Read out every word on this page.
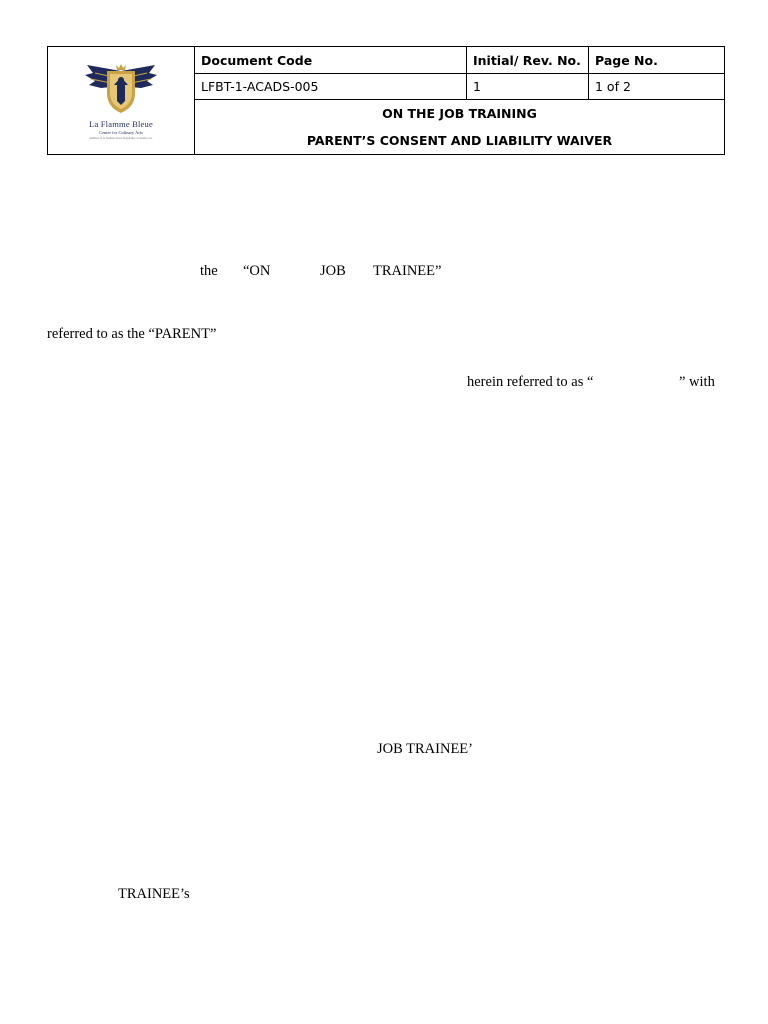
La Flamme Bleue
Center for Culinary Arts
member of la flamme bleue hospitality academy, inc.	Document Code	Initial/ Rev. No.	Page No.
	LFBT-1-ACADS-005	1	1 of 2

	ON THE JOB TRAINING
PARENT’S CONSENT AND LIABILITY WAIVER		
the “ON	JOB TRAINEE”
referred to as the “PARENT”
herein referred to as “	” with
JOB TRAINEE’
TRAINEE’s
